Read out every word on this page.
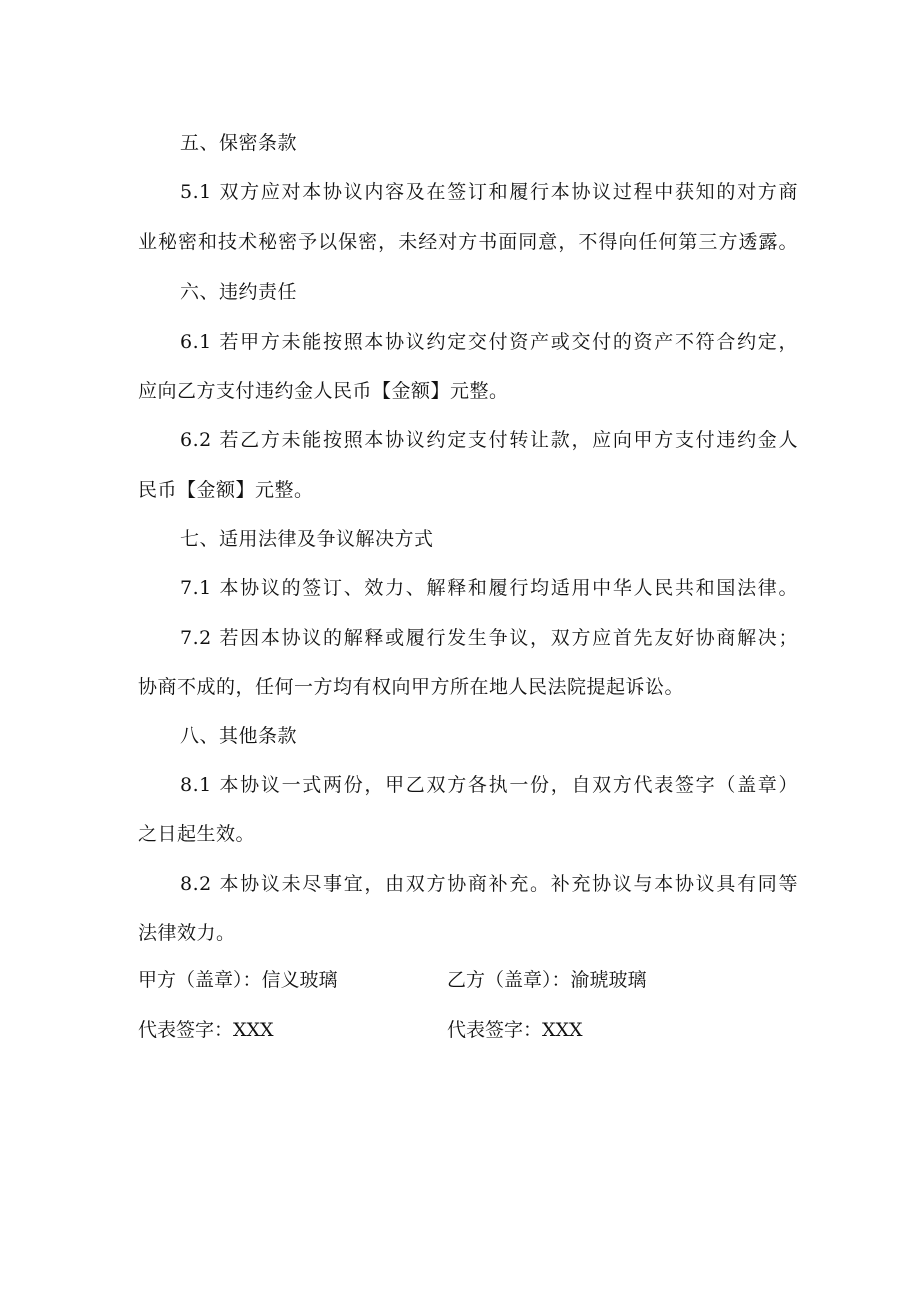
五、保密条款
5.1 双方应对本协议内容及在签订和履行本协议过程中获知的对方商
业秘密和技术秘密予以保密，未经对方书面同意，不得向任何第三方透露。
六、违约责任
6.1 若甲方未能按照本协议约定交付资产或交付的资产不符合约定，
应向乙方支付违约金人民币【金额】元整。
6.2 若乙方未能按照本协议约定支付转让款，应向甲方支付违约金人
民币【金额】元整。
七、适用法律及争议解决方式
7.1 本协议的签订、效力、解释和履行均适用中华人民共和国法律。
7.2 若因本协议的解释或履行发生争议，双方应首先友好协商解决；
协商不成的，任何一方均有权向甲方所在地人民法院提起诉讼。
八、其他条款
8.1 本协议一式两份，甲乙双方各执一份，自双方代表签字（盖章）
之日起生效。
8.2 本协议未尽事宜，由双方协商补充。补充协议与本协议具有同等
法律效力。
甲方（盖章）：信义玻璃	乙方（盖章）：渝琥玻璃
代表签字：XXX	代表签字：XXX
